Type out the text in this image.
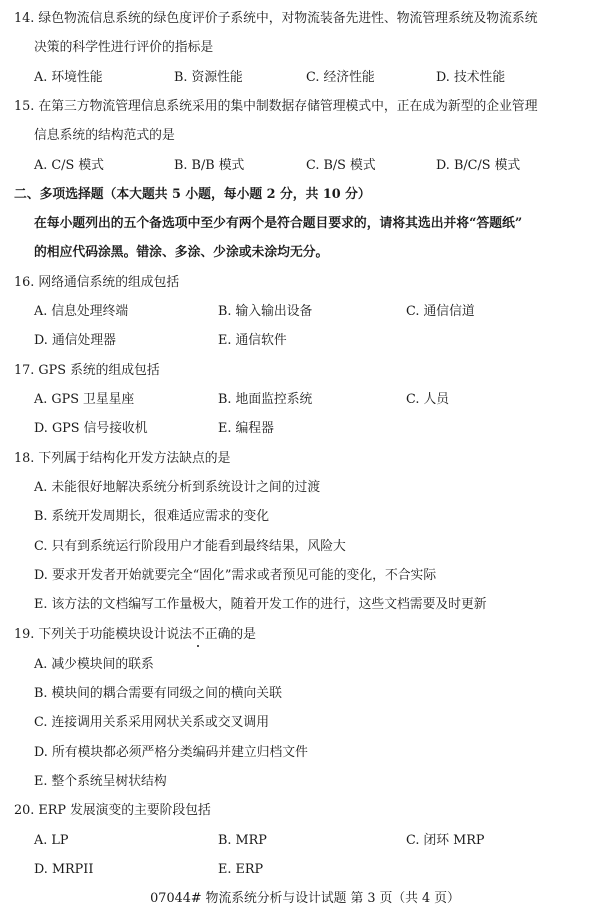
14. 绿色物流信息系统的绿色度评价子系统中，对物流装备先进性、物流管理系统及物流系统
决策的科学性进行评价的指标是
A. 环境性能	B. 资源性能	C. 经济性能	D. 技术性能
15. 在第三方物流管理信息系统采用的集中制数据存储管理模式中，正在成为新型的企业管理
信息系统的结构范式的是
A. C/S 模式	B. B/B 模式	C. B/S 模式	D. B/C/S 模式
二、多项选择题（本大题共 5 小题，每小题 2 分，共 10 分）
在每小题列出的五个备选项中至少有两个是符合题目要求的，请将其选出并将“答题纸”
的相应代码涂黑。错涂、多涂、少涂或未涂均无分。
16. 网络通信系统的组成包括
A. 信息处理终端	B. 输入输出设备	C. 通信信道
D. 通信处理器	E. 通信软件
17. GPS 系统的组成包括
A. GPS 卫星星座	B. 地面监控系统	C. 人员
D. GPS 信号接收机	E. 编程器
18. 下列属于结构化开发方法缺点的是
A. 未能很好地解决系统分析到系统设计之间的过渡
B. 系统开发周期长，很难适应需求的变化
C. 只有到系统运行阶段用户才能看到最终结果，风险大
D. 要求开发者开始就要完全“固化”需求或者预见可能的变化，不合实际
E. 该方法的文档编写工作量极大，随着开发工作的进行，这些文档需要及时更新
19. 下列关于功能模块设计说法不正确的是
A. 减少模块间的联系
B. 模块间的耦合需要有同级之间的横向关联
C. 连接调用关系采用网状关系或交叉调用
D. 所有模块都必须严格分类编码并建立归档文件
E. 整个系统呈树状结构
20. ERP 发展演变的主要阶段包括
A. LP	B. MRP	C. 闭环 MRP
D. MRPII	E. ERP
07044# 物流系统分析与设计试题 第 3 页（共 4 页）
